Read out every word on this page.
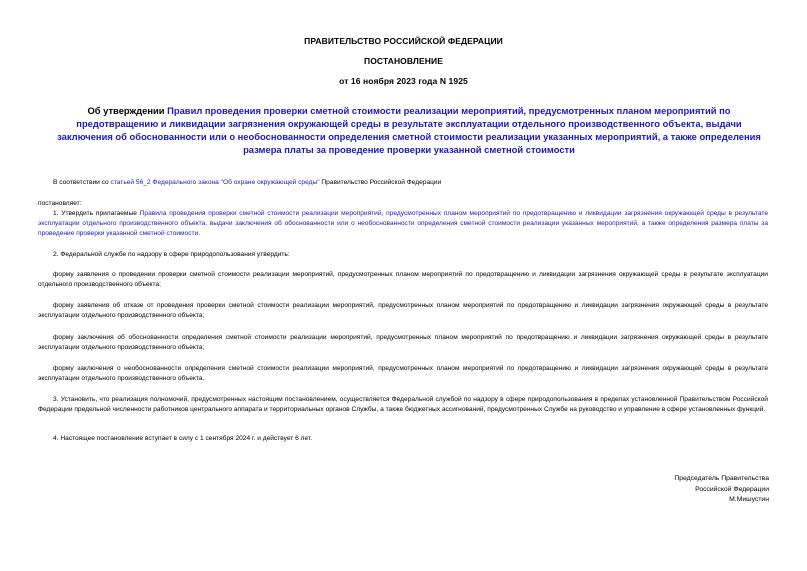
ПРАВИТЕЛЬСТВО РОССИЙСКОЙ ФЕДЕРАЦИИ
ПОСТАНОВЛЕНИЕ
от 16 ноября 2023 года N 1925
Об утверждении Правил проведения проверки сметной стоимости реализации мероприятий, предусмотренных планом мероприятий по предотвращению и ликвидации загрязнения окружающей среды в результате эксплуатации отдельного производственного объекта, выдачи заключения об обоснованности или о необоснованности определения сметной стоимости реализации указанных мероприятий, а также определения размера платы за проведение проверки указанной сметной стоимости
В соответствии со статьей 56_2 Федерального закона "Об охране окружающей среды" Правительство Российской Федерации
постановляет:
1. Утвердить прилагаемые Правила проведения проверки сметной стоимости реализации мероприятий, предусмотренных планом мероприятий по предотвращению и ликвидации загрязнения окружающей среды в результате эксплуатации отдельного производственного объекта, выдачи заключения об обоснованности или о необоснованности определения сметной стоимости реализации указанных мероприятий, а также определения размера платы за проведение проверки указанной сметной стоимости.
2. Федеральной службе по надзору в сфере природопользования утвердить:
форму заявления о проведении проверки сметной стоимости реализации мероприятий, предусмотренных планом мероприятий по предотвращению и ликвидации загрязнения окружающей среды в результате эксплуатации отдельного производственного объекта;
форму заявления об отказе от проведения проверки сметной стоимости реализации мероприятий, предусмотренных планом мероприятий по предотвращению и ликвидации загрязнения окружающей среды в результате эксплуатации отдельного производственного объекта;
форму заключения об обоснованности определения сметной стоимости реализации мероприятий, предусмотренных планом мероприятий по предотвращению и ликвидации загрязнения окружающей среды в результате эксплуатации отдельного производственного объекта;
форму заключения о необоснованности определения сметной стоимости реализации мероприятий, предусмотренных планом мероприятий по предотвращению и ликвидации загрязнения окружающей среды в результате эксплуатации отдельного производственного объекта.
3. Установить, что реализация полномочий, предусмотренных настоящим постановлением, осуществляется Федеральной службой по надзору в сфере природопользования в пределах установленной Правительством Российской Федерации предельной численности работников центрального аппарата и территориальных органов Службы, а также бюджетных ассигнований, предусмотренных Службе на руководство и управление в сфере установленных функций.
4. Настоящее постановление вступает в силу с 1 сентября 2024 г. и действует 6 лет.
Председатель Правительства
Российской Федерации
М.Мишустин
